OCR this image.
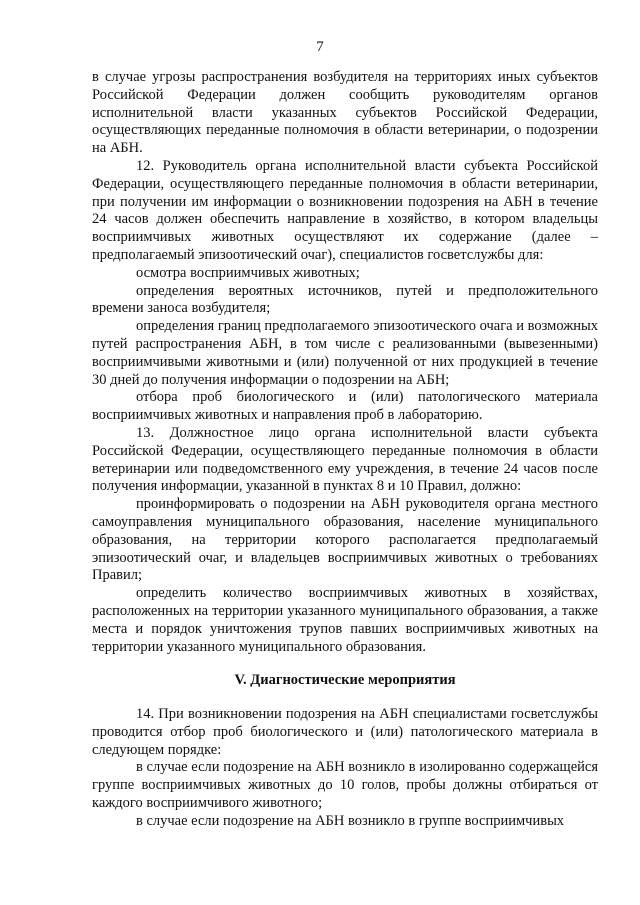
7

в случае угрозы распространения возбудителя на территориях иных субъектов Российской Федерации должен сообщить руководителям органов исполнительной власти указанных субъектов Российской Федерации, осуществляющих переданные полномочия в области ветеринарии, о подозрении на АБН.

12. Руководитель органа исполнительной власти субъекта Российской Федерации, осуществляющего переданные полномочия в области ветеринарии, при получении им информации о возникновении подозрения на АБН в течение 24 часов должен обеспечить направление в хозяйство, в котором владельцы восприимчивых животных осуществляют их содержание (далее – предполагаемый эпизоотический очаг), специалистов госветслужбы для:

осмотра восприимчивых животных;

определения вероятных источников, путей и предположительного времени заноса возбудителя;

определения границ предполагаемого эпизоотического очага и возможных путей распространения АБН, в том числе с реализованными (вывезенными) восприимчивыми животными и (или) полученной от них продукцией в течение 30 дней до получения информации о подозрении на АБН;

отбора проб биологического и (или) патологического материала восприимчивых животных и направления проб в лабораторию.

13. Должностное лицо органа исполнительной власти субъекта Российской Федерации, осуществляющего переданные полномочия в области ветеринарии или подведомственного ему учреждения, в течение 24 часов после получения информации, указанной в пунктах 8 и 10 Правил, должно:

проинформировать о подозрении на АБН руководителя органа местного самоуправления муниципального образования, население муниципального образования, на территории которого располагается предполагаемый эпизоотический очаг, и владельцев восприимчивых животных о требованиях Правил;

определить количество восприимчивых животных в хозяйствах, расположенных на территории указанного муниципального образования, а также места и порядок уничтожения трупов павших восприимчивых животных на территории указанного муниципального образования.

V. Диагностические мероприятия

14. При возникновении подозрения на АБН специалистами госветслужбы проводится отбор проб биологического и (или) патологического материала в следующем порядке:

в случае если подозрение на АБН возникло в изолированно содержащейся группе восприимчивых животных до 10 голов, пробы должны отбираться от каждого восприимчивого животного;

в случае если подозрение на АБН возникло в группе восприимчивых
